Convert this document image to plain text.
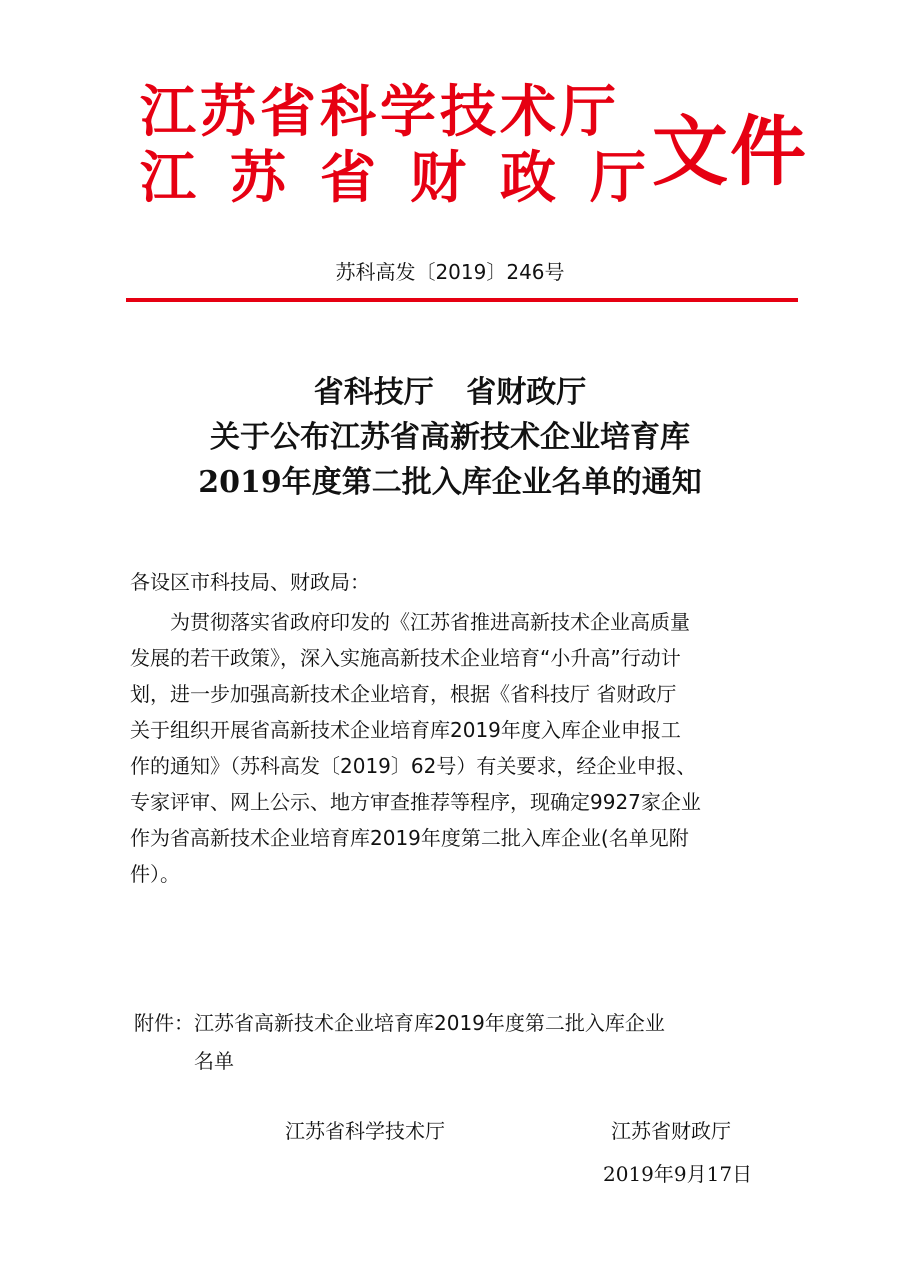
江苏省科学技术厅
江苏省财政厅
文件
苏科高发〔2019〕246号
省科技厅 省财政厅
关于公布江苏省高新技术企业培育库
2019年度第二批入库企业名单的通知
各设区市科技局、财政局：
为贯彻落实省政府印发的《江苏省推进高新技术企业高质量
发展的若干政策》，深入实施高新技术企业培育“小升高”行动计
划，进一步加强高新技术企业培育，根据《省科技厅 省财政厅
关于组织开展省高新技术企业培育库2019年度入库企业申报工
作的通知》（苏科高发〔2019〕62号）有关要求，经企业申报、
专家评审、网上公示、地方审查推荐等程序，现确定9927家企业
作为省高新技术企业培育库2019年度第二批入库企业(名单见附
件）。
附件：江苏省高新技术企业培育库2019年度第二批入库企业
名单
江苏省科学技术厅	江苏省财政厅
2019年9月17日
